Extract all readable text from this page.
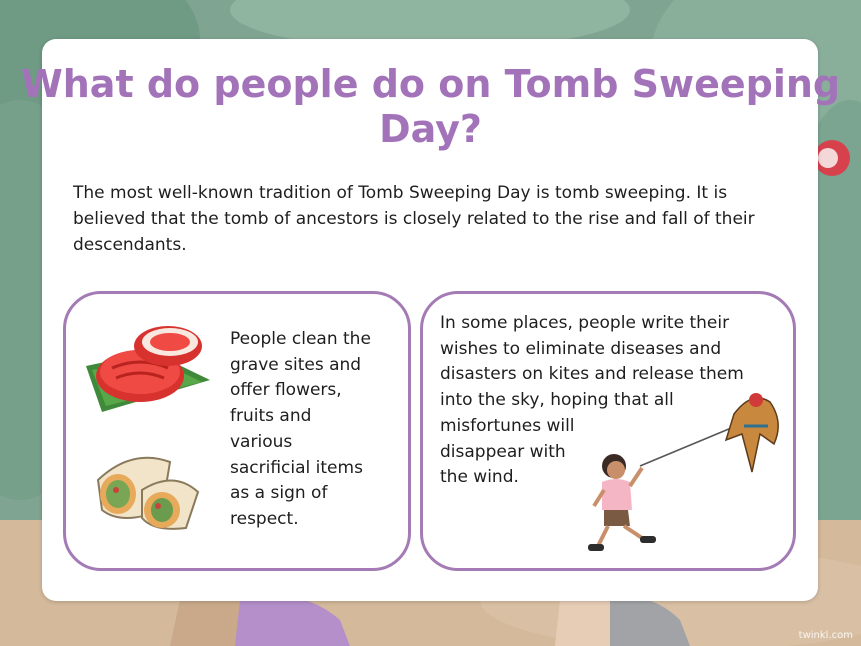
What do people do on Tomb Sweeping Day?

The most well-known tradition of Tomb Sweeping Day is tomb sweeping. It is believed that the tomb of ancestors is closely related to the rise and fall of their descendants.

People clean the
grave sites and
offer flowers,
fruits and
various
sacrificial items
as a sign of
respect.

In some places, people write their
wishes to eliminate diseases and
disasters on kites and release them
into the sky, hoping that all
misfortunes will
disappear with
the wind.

twinkl.com
